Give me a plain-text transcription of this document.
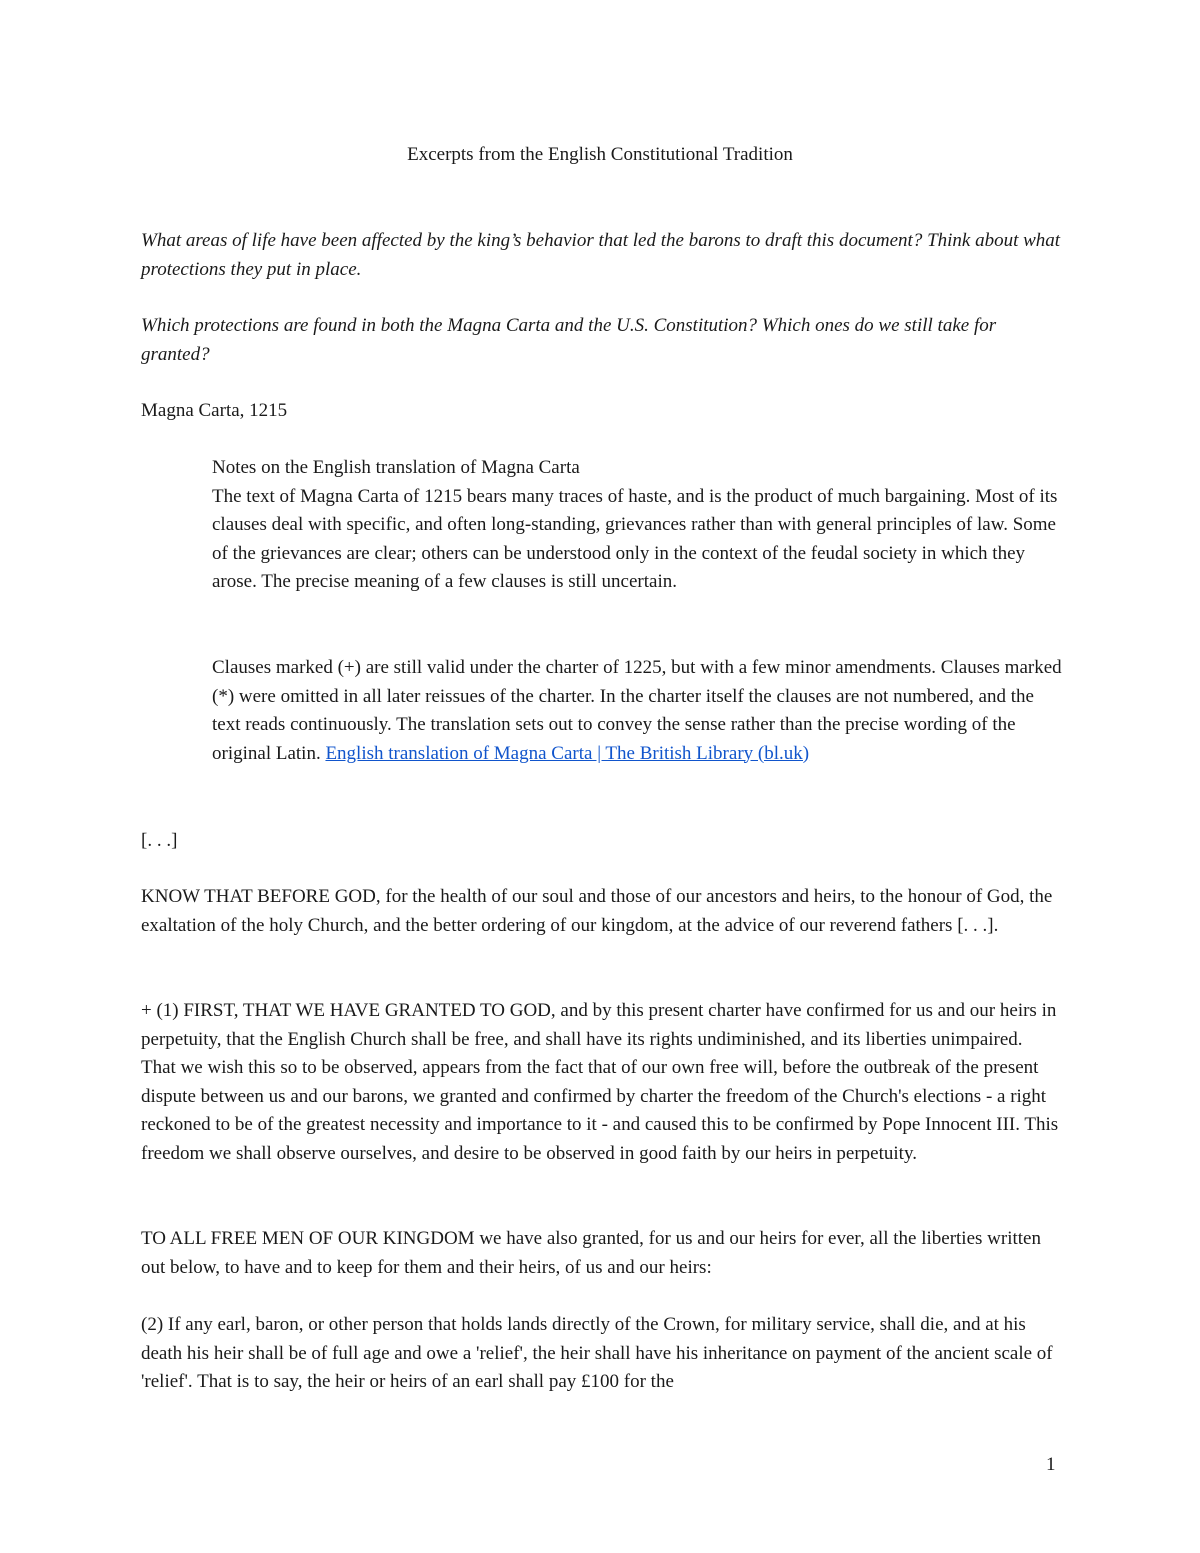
Excerpts from the English Constitutional Tradition

What areas of life have been affected by the king’s behavior that led the barons to draft this document? Think about what protections they put in place.

Which protections are found in both the Magna Carta and the U.S. Constitution? Which ones do we still take for granted?

Magna Carta, 1215

Notes on the English translation of Magna Carta

The text of Magna Carta of 1215 bears many traces of haste, and is the product of much bargaining. Most of its clauses deal with specific, and often long-standing, grievances rather than with general principles of law. Some of the grievances are clear; others can be understood only in the context of the feudal society in which they arose. The precise meaning of a few clauses is still uncertain.

Clauses marked (+) are still valid under the charter of 1225, but with a few minor amendments. Clauses marked (*) were omitted in all later reissues of the charter. In the charter itself the clauses are not numbered, and the text reads continuously. The translation sets out to convey the sense rather than the precise wording of the original Latin. English translation of Magna Carta | The British Library (bl.uk)

[. . .]

KNOW THAT BEFORE GOD, for the health of our soul and those of our ancestors and heirs, to the honour of God, the exaltation of the holy Church, and the better ordering of our kingdom, at the advice of our reverend fathers [. . .].

+ (1) FIRST, THAT WE HAVE GRANTED TO GOD, and by this present charter have confirmed for us and our heirs in perpetuity, that the English Church shall be free, and shall have its rights undiminished, and its liberties unimpaired. That we wish this so to be observed, appears from the fact that of our own free will, before the outbreak of the present dispute between us and our barons, we granted and confirmed by charter the freedom of the Church's elections - a right reckoned to be of the greatest necessity and importance to it - and caused this to be confirmed by Pope Innocent III. This freedom we shall observe ourselves, and desire to be observed in good faith by our heirs in perpetuity.

TO ALL FREE MEN OF OUR KINGDOM we have also granted, for us and our heirs for ever, all the liberties written out below, to have and to keep for them and their heirs, of us and our heirs:

(2) If any earl, baron, or other person that holds lands directly of the Crown, for military service, shall die, and at his death his heir shall be of full age and owe a 'relief', the heir shall have his inheritance on payment of the ancient scale of 'relief'. That is to say, the heir or heirs of an earl shall pay £100 for the

1
